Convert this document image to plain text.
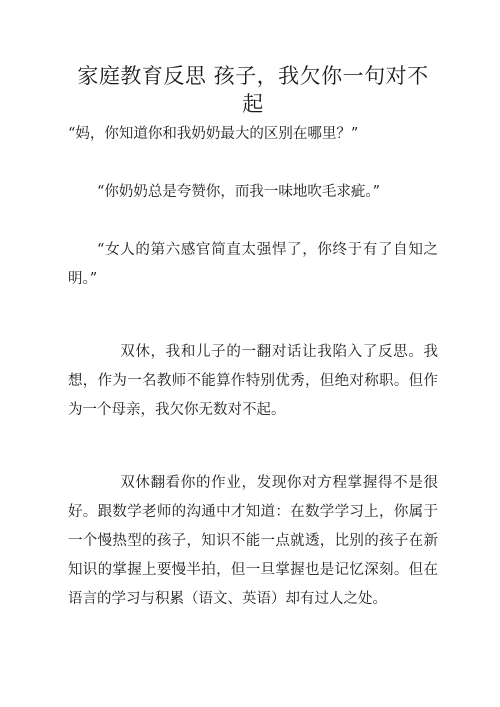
家庭教育反思 孩子，我欠你一句对不起

“妈，你知道你和我奶奶最大的区别在哪里？”

“你奶奶总是夸赞你，而我一味地吹毛求疵。”

“女人的第六感官简直太强悍了，你终于有了自知之明。”

双休，我和儿子的一翻对话让我陷入了反思。我想，作为一名教师不能算作特别优秀，但绝对称职。但作为一个母亲，我欠你无数对不起。

双休翻看你的作业，发现你对方程掌握得不是很好。跟数学老师的沟通中才知道：在数学学习上，你属于一个慢热型的孩子，知识不能一点就透，比别的孩子在新知识的掌握上要慢半拍，但一旦掌握也是记忆深刻。但在语言的学习与积累（语文、英语）却有过人之处。
